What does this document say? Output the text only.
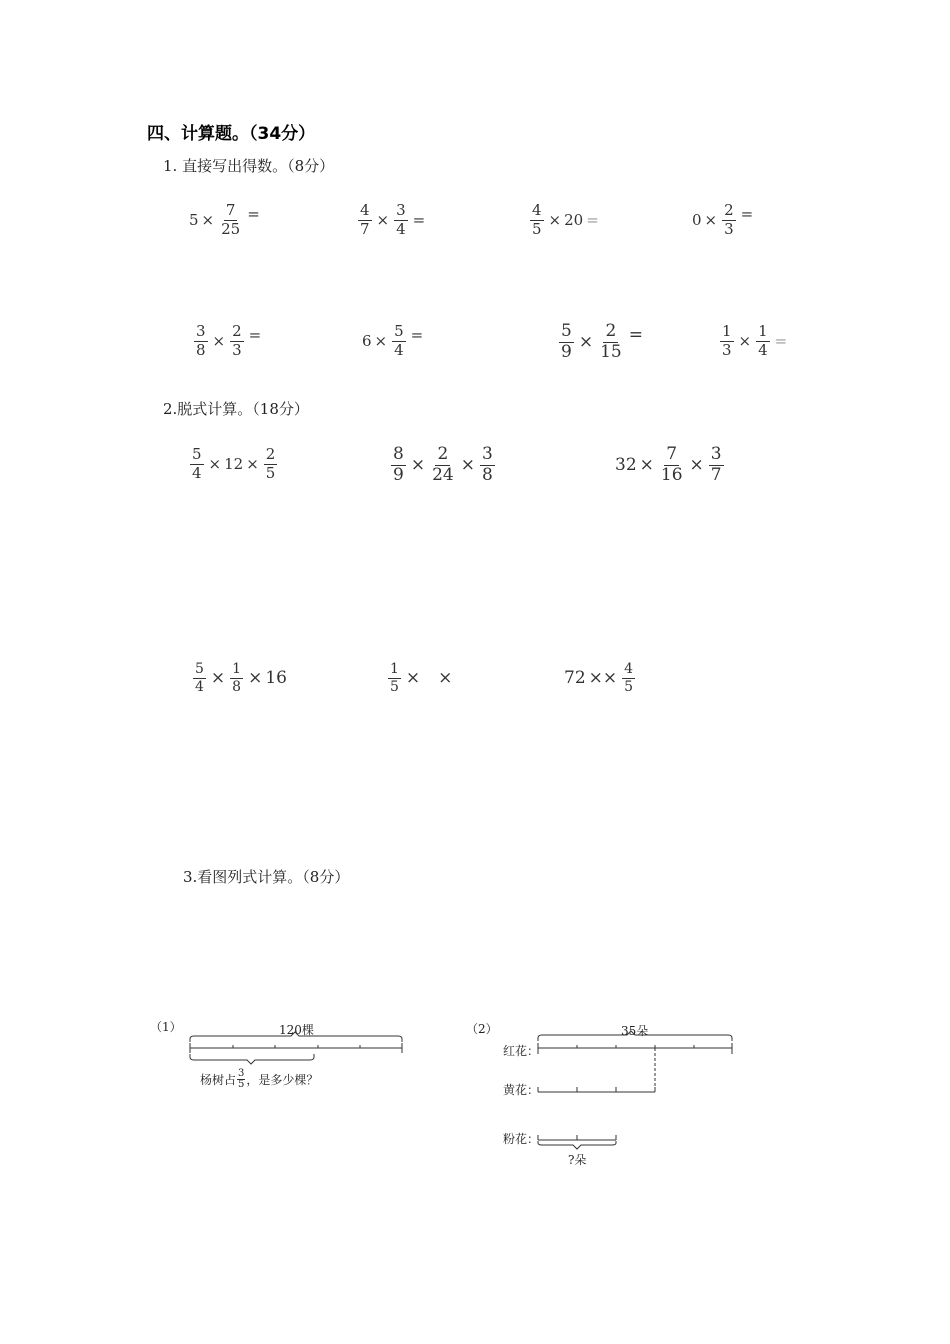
四、计算题。（34分）
1. 直接写出得数。（8分）
$5 \times \frac{7}{25}$ =	$\frac{4}{7} \times \frac{3}{4}$ =	$\frac{4}{5} \times 20$ =	$0 \times \frac{2}{3}$ =
$\frac{3}{8} \times \frac{2}{3}$ =	$6 \times \frac{5}{4}$ =	$\frac{5}{9} \times \frac{2}{15}$ =	$\frac{1}{3} \times \frac{1}{4}$ =
2.脱式计算。（18分）
$\frac{5}{4} \times 12 \times \frac{2}{5}$	$\frac{8}{9} \times \frac{2}{24} \times \frac{3}{8}$	$32 \times \frac{7}{16} \times \frac{3}{7}$
$\frac{5}{4} \times \frac{1}{8} \times 16$	$\frac{1}{5}$ × ×	72 × × $\frac{4}{5}$
3.看图列式计算。（8分）
（1）	120棵
杨树占 $\frac{3}{5}$ ，是多少棵？
（2）	35朵
红花：
黄花：
粉花：
?朵
